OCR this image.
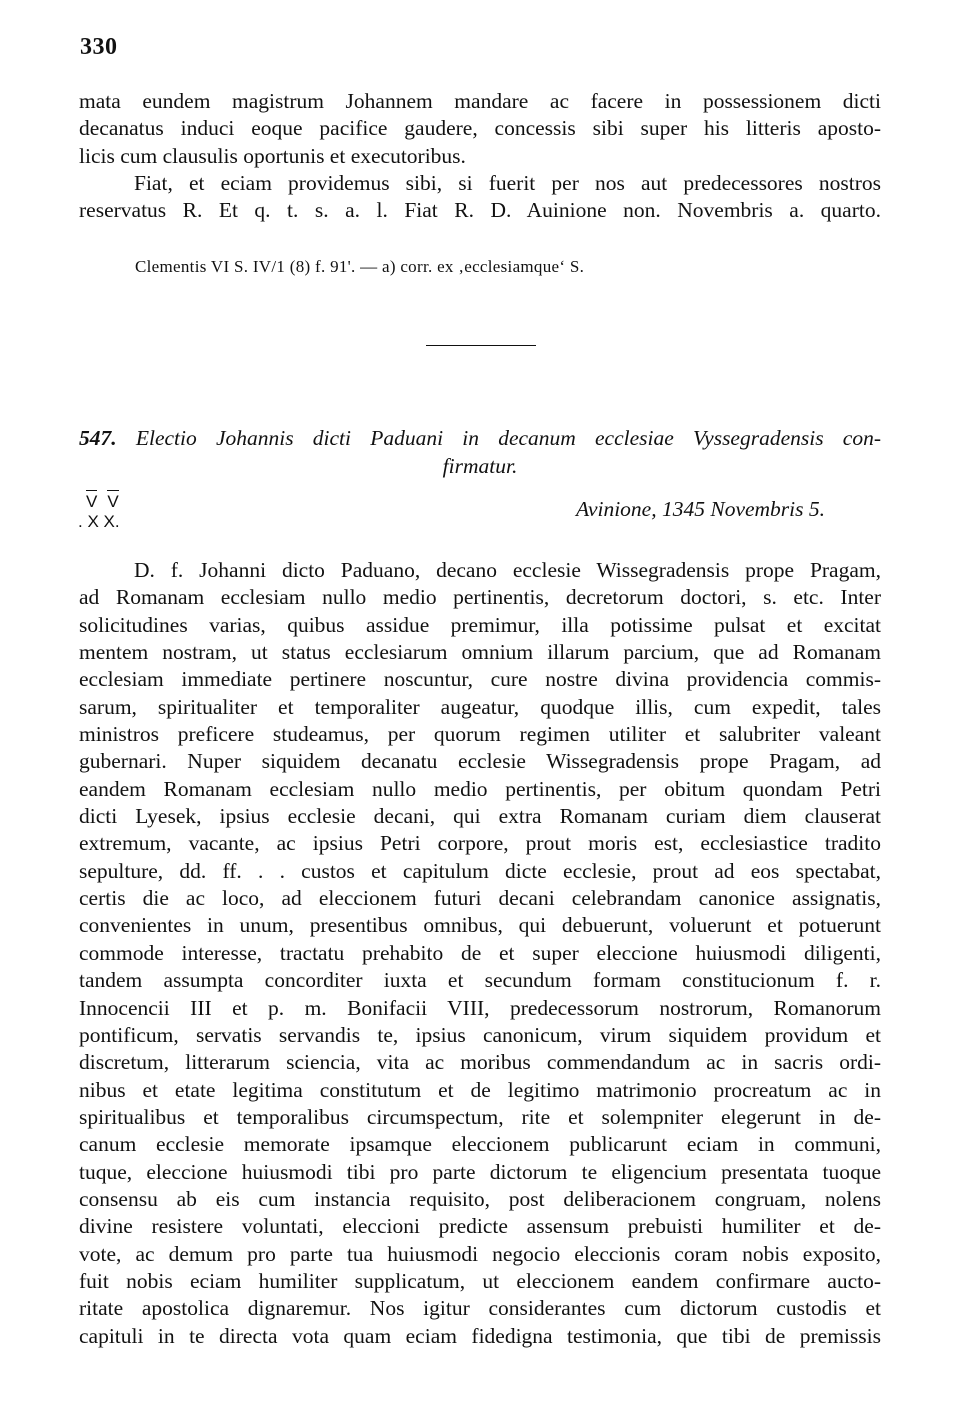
330
mata eundem magistrum Johannem mandare ac facere in possessionem dicti
decanatus induci eoque pacifice gaudere, concessis sibi super his litteris aposto-
licis cum clausulis oportunis et executoribus.
Fiat, et eciam providemus sibi, si fuerit per nos aut predecessores nostros
reservatus R. Et q. t. s. a. l. Fiat R. D. Auinione non. Novembris a. quarto.
Clementis VI S. IV/1 (8) f. 91'. — a) corr. ex ‚ecclesiamque‘ S.
547. Electio Johannis dicti Paduani in decanum ecclesiae Vyssegradensis con-
firmatur.
V V
. X X.
Avinione, 1345 Novembris 5.
D. f. Johanni dicto Paduano, decano ecclesie Wissegradensis prope Pragam,
ad Romanam ecclesiam nullo medio pertinentis, decretorum doctori, s. etc. Inter
solicitudines varias, quibus assidue premimur, illa potissime pulsat et excitat
mentem nostram, ut status ecclesiarum omnium illarum parcium, que ad Romanam
ecclesiam immediate pertinere noscuntur, cure nostre divina providencia commis-
sarum, spiritualiter et temporaliter augeatur, quodque illis, cum expedit, tales
ministros preficere studeamus, per quorum regimen utiliter et salubriter valeant
gubernari. Nuper siquidem decanatu ecclesie Wissegradensis prope Pragam, ad
eandem Romanam ecclesiam nullo medio pertinentis, per obitum quondam Petri
dicti Lyesek, ipsius ecclesie decani, qui extra Romanam curiam diem clauserat
extremum, vacante, ac ipsius Petri corpore, prout moris est, ecclesiastice tradito
sepulture, dd. ff. . . custos et capitulum dicte ecclesie, prout ad eos spectabat,
certis die ac loco, ad eleccionem futuri decani celebrandam canonice assignatis,
convenientes in unum, presentibus omnibus, qui debuerunt, voluerunt et potuerunt
commode interesse, tractatu prehabito de et super eleccione huiusmodi diligenti,
tandem assumpta concorditer iuxta et secundum formam constitucionum f. r.
Innocencii III et p. m. Bonifacii VIII, predecessorum nostrorum, Romanorum
pontificum, servatis servandis te, ipsius canonicum, virum siquidem providum et
discretum, litterarum sciencia, vita ac moribus commendandum ac in sacris ordi-
nibus et etate legitima constitutum et de legitimo matrimonio procreatum ac in
spiritualibus et temporalibus circumspectum, rite et solempniter elegerunt in de-
canum ecclesie memorate ipsamque eleccionem publicarunt eciam in communi,
tuque, eleccione huiusmodi tibi pro parte dictorum te eligencium presentata tuoque
consensu ab eis cum instancia requisito, post deliberacionem congruam, nolens
divine resistere voluntati, eleccioni predicte assensum prebuisti humiliter et de-
vote, ac demum pro parte tua huiusmodi negocio eleccionis coram nobis exposito,
fuit nobis eciam humiliter supplicatum, ut eleccionem eandem confirmare aucto-
ritate apostolica dignaremur. Nos igitur considerantes cum dictorum custodis et
capituli in te directa vota quam eciam fidedigna testimonia, que tibi de premissis
